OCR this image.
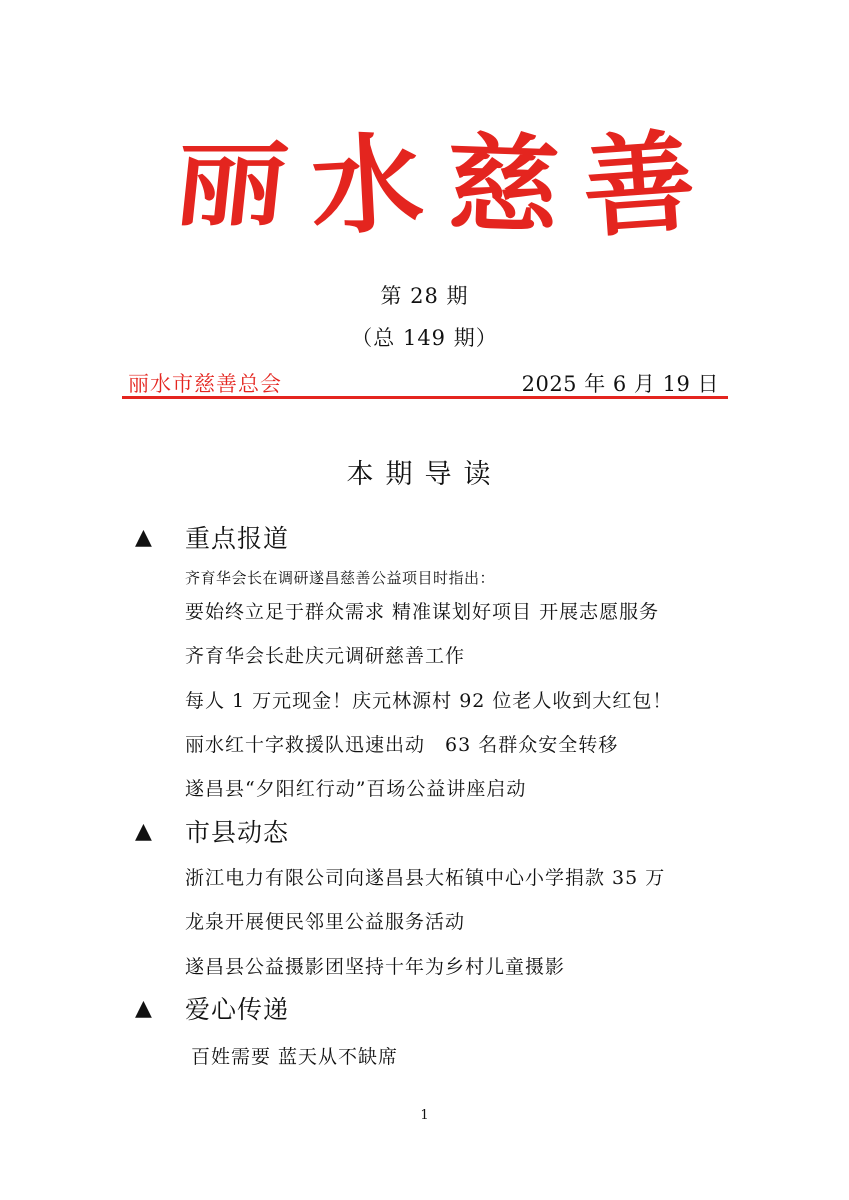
丽 水 慈 善
第 28 期
（总 149 期）
丽水市慈善总会	2025 年 6 月 19 日
本期导读
▲	重点报道
齐育华会长在调研遂昌慈善公益项目时指出：
要始终立足于群众需求 精准谋划好项目 开展志愿服务
齐育华会长赴庆元调研慈善工作
每人 1 万元现金！庆元林源村 92 位老人收到大红包！
丽水红十字救援队迅速出动　63 名群众安全转移
遂昌县“夕阳红行动”百场公益讲座启动
▲	市县动态
浙江电力有限公司向遂昌县大柘镇中心小学捐款 35 万
龙泉开展便民邻里公益服务活动
遂昌县公益摄影团坚持十年为乡村儿童摄影
▲	爱心传递
百姓需要 蓝天从不缺席
1
